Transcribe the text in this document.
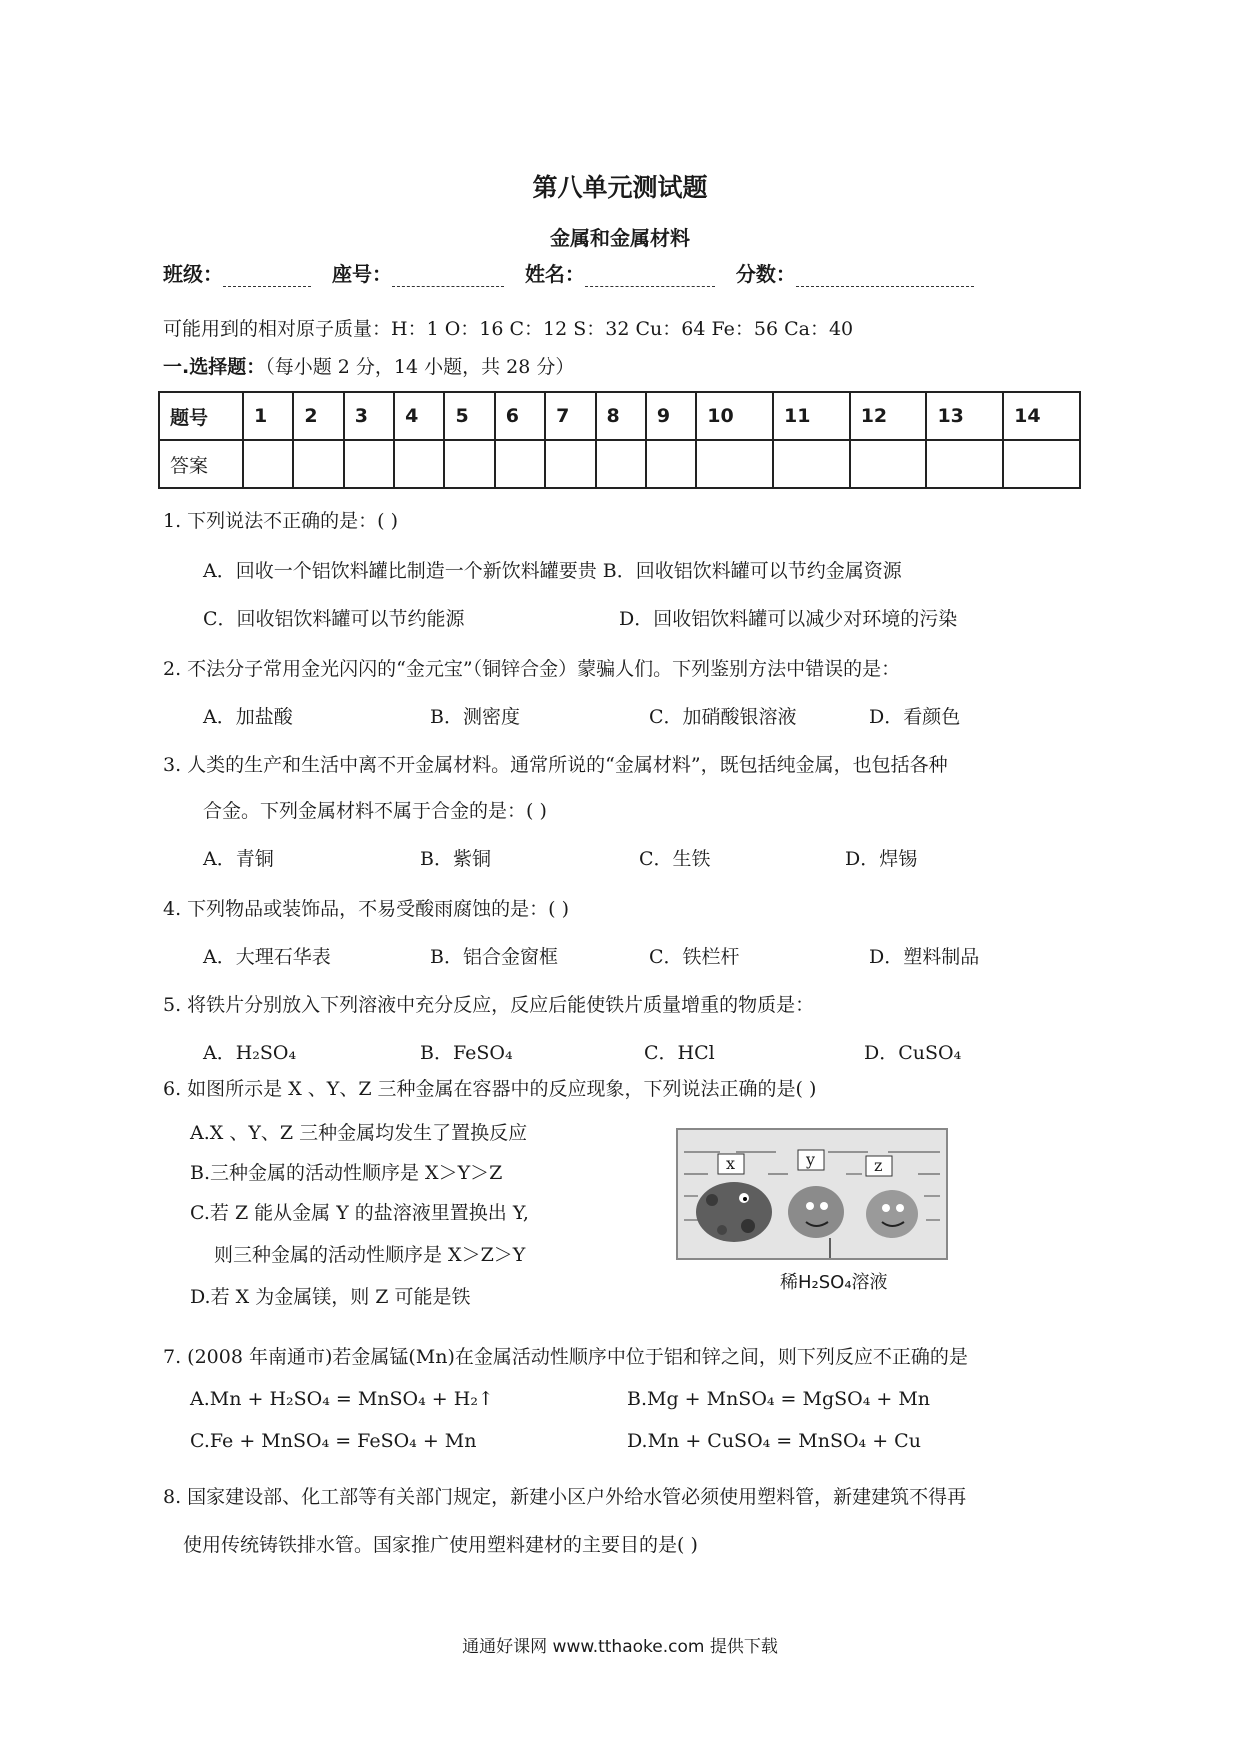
第八单元测试题
金属和金属材料
班级：	座号：	姓名：	分数：
可能用到的相对原子质量：H：1 O：16 C：12 S：32 Cu：64 Fe：56 Ca：40
一.选择题：（每小题 2 分，14 小题，共 28 分）
题号	1	2	3	4	5	6	7	8	9	10	11	12	13	14
答案														
1. 下列说法不正确的是：( )
A．回收一个铝饮料罐比制造一个新饮料罐要贵 B．回收铝饮料罐可以节约金属资源
C．回收铝饮料罐可以节约能源	D．回收铝饮料罐可以减少对环境的污染
2. 不法分子常用金光闪闪的“金元宝”（铜锌合金）蒙骗人们。下列鉴别方法中错误的是：
A．加盐酸	B．测密度	C．加硝酸银溶液	D．看颜色
3. 人类的生产和生活中离不开金属材料。通常所说的“金属材料”，既包括纯金属，也包括各种
合金。下列金属材料不属于合金的是：( )
A．青铜	B．紫铜	C．生铁	D．焊锡
4. 下列物品或装饰品，不易受酸雨腐蚀的是：( )
A．大理石华表	B．铝合金窗框	C．铁栏杆	D．塑料制品
5. 将铁片分别放入下列溶液中充分反应，反应后能使铁片质量增重的物质是：
A．H₂SO₄	B．FeSO₄	C．HCl	D．CuSO₄
6. 如图所示是 X 、Y、Z 三种金属在容器中的反应现象，下列说法正确的是( )
A.X 、Y、Z 三种金属均发生了置换反应
B.三种金属的活动性顺序是 X＞Y＞Z
C.若 Z 能从金属 Y 的盐溶液里置换出 Y,
则三种金属的活动性顺序是 X＞Z＞Y
D.若 X 为金属镁，则 Z 可能是铁
x	y	z
稀H₂SO₄溶液
7. (2008 年南通市)若金属锰(Mn)在金属活动性顺序中位于铝和锌之间，则下列反应不正确的是
A.Mn + H₂SO₄ = MnSO₄ + H₂↑	B.Mg + MnSO₄ = MgSO₄ + Mn
C.Fe + MnSO₄ = FeSO₄ + Mn	D.Mn + CuSO₄ = MnSO₄ + Cu
8. 国家建设部、化工部等有关部门规定，新建小区户外给水管必须使用塑料管，新建建筑不得再
使用传统铸铁排水管。国家推广使用塑料建材的主要目的是( )
通通好课网 www.tthaoke.com 提供下载
